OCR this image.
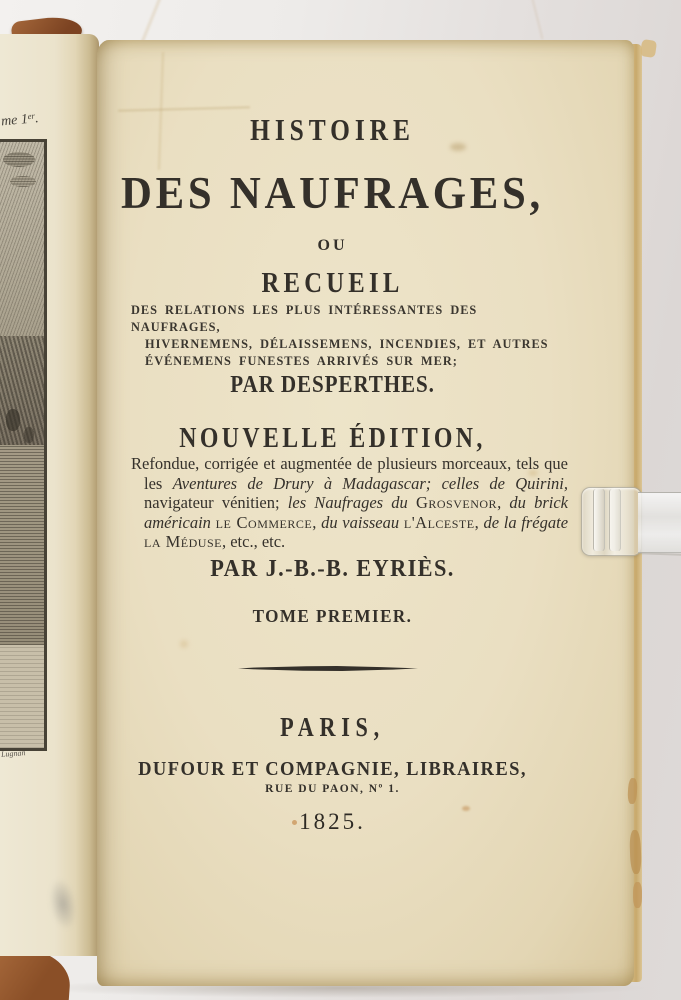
me 1er.
Lugnan
HISTOIRE
DES NAUFRAGES,
OU
RECUEIL
DES RELATIONS LES PLUS INTÉRESSANTES DES NAUFRAGES,
HIVERNEMENS, DÉLAISSEMENS, INCENDIES, ET AUTRES
ÉVÉNEMENS FUNESTES ARRIVÉS SUR MER;
PAR DESPERTHES.
NOUVELLE ÉDITION,
Refondue, corrigée et augmentée de plusieurs morceaux, tels que les Aventures de Drury à Madagascar; celles de Quirini, navigateur vénitien; les Naufrages du Grosvenor, du brick américain le Commerce, du vaisseau l'Alceste, de la frégate la Méduse, etc., etc.
PAR J.-B.-B. EYRIÈS.
TOME PREMIER.
PARIS,
DUFOUR ET COMPAGNIE, LIBRAIRES,
RUE DU PAON, Nº 1.
1825.
